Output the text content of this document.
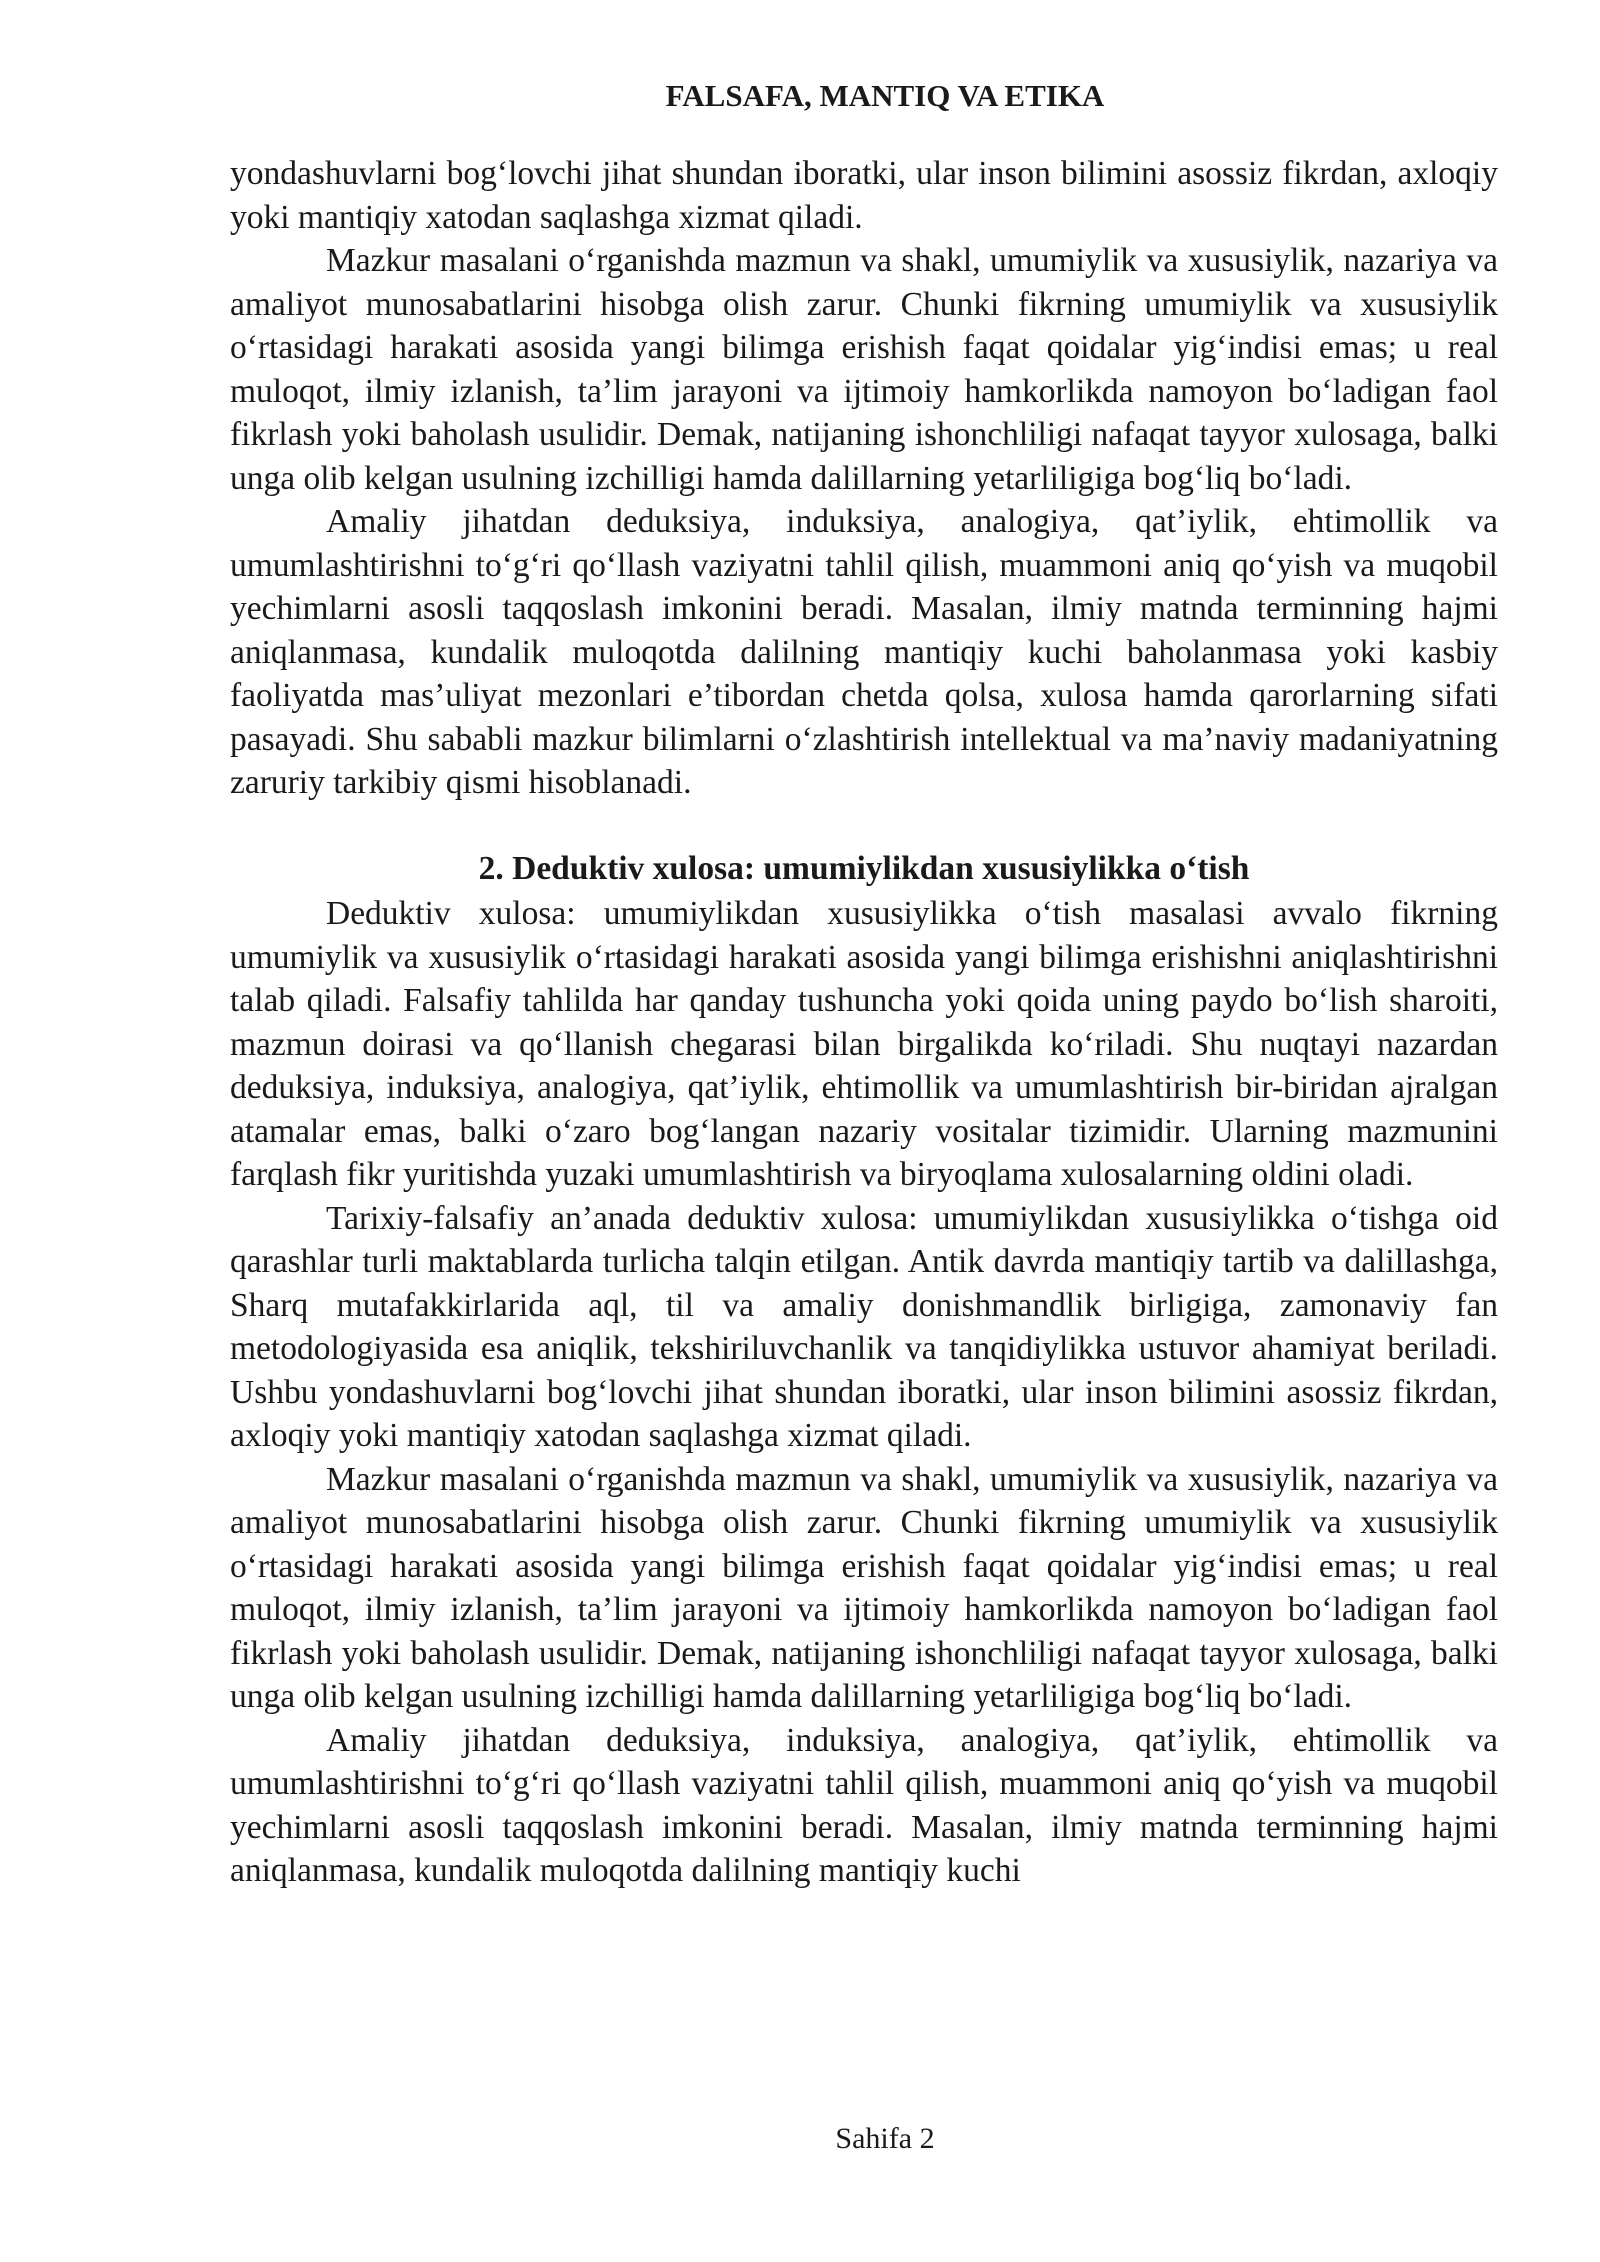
FALSAFA, MANTIQ VA ETIKA

yondashuvlarni bog‘lovchi jihat shundan iboratki, ular inson bilimini asossiz fikrdan, axloqiy yoki mantiqiy xatodan saqlashga xizmat qiladi.

Mazkur masalani o‘rganishda mazmun va shakl, umumiylik va xususiylik, nazariya va amaliyot munosabatlarini hisobga olish zarur. Chunki fikrning umumiylik va xususiylik o‘rtasidagi harakati asosida yangi bilimga erishish faqat qoidalar yig‘indisi emas; u real muloqot, ilmiy izlanish, ta’lim jarayoni va ijtimoiy hamkorlikda namoyon bo‘ladigan faol fikrlash yoki baholash usulidir. Demak, natijaning ishonchliligi nafaqat tayyor xulosaga, balki unga olib kelgan usulning izchilligi hamda dalillarning yetarliligiga bog‘liq bo‘ladi.

Amaliy jihatdan deduksiya, induksiya, analogiya, qat’iylik, ehtimollik va umumlashtirishni to‘g‘ri qo‘llash vaziyatni tahlil qilish, muammoni aniq qo‘yish va muqobil yechimlarni asosli taqqoslash imkonini beradi. Masalan, ilmiy matnda terminning hajmi aniqlanmasa, kundalik muloqotda dalilning mantiqiy kuchi baholanmasa yoki kasbiy faoliyatda mas’uliyat mezonlari e’tibordan chetda qolsa, xulosa hamda qarorlarning sifati pasayadi. Shu sababli mazkur bilimlarni o‘zlashtirish intellektual va ma’naviy madaniyatning zaruriy tarkibiy qismi hisoblanadi.

2. Deduktiv xulosa: umumiylikdan xususiylikka o‘tish

Deduktiv xulosa: umumiylikdan xususiylikka o‘tish masalasi avvalo fikrning umumiylik va xususiylik o‘rtasidagi harakati asosida yangi bilimga erishishni aniqlashtirishni talab qiladi. Falsafiy tahlilda har qanday tushuncha yoki qoida uning paydo bo‘lish sharoiti, mazmun doirasi va qo‘llanish chegarasi bilan birgalikda ko‘riladi. Shu nuqtayi nazardan deduksiya, induksiya, analogiya, qat’iylik, ehtimollik va umumlashtirish bir-biridan ajralgan atamalar emas, balki o‘zaro bog‘langan nazariy vositalar tizimidir. Ularning mazmunini farqlash fikr yuritishda yuzaki umumlashtirish va biryoqlama xulosalarning oldini oladi.

Tarixiy-falsafiy an’anada deduktiv xulosa: umumiylikdan xususiylikka o‘tishga oid qarashlar turli maktablarda turlicha talqin etilgan. Antik davrda mantiqiy tartib va dalillashga, Sharq mutafakkirlarida aql, til va amaliy donishmandlik birligiga, zamonaviy fan metodologiyasida esa aniqlik, tekshiriluvchanlik va tanqidiylikka ustuvor ahamiyat beriladi. Ushbu yondashuvlarni bog‘lovchi jihat shundan iboratki, ular inson bilimini asossiz fikrdan, axloqiy yoki mantiqiy xatodan saqlashga xizmat qiladi.

Mazkur masalani o‘rganishda mazmun va shakl, umumiylik va xususiylik, nazariya va amaliyot munosabatlarini hisobga olish zarur. Chunki fikrning umumiylik va xususiylik o‘rtasidagi harakati asosida yangi bilimga erishish faqat qoidalar yig‘indisi emas; u real muloqot, ilmiy izlanish, ta’lim jarayoni va ijtimoiy hamkorlikda namoyon bo‘ladigan faol fikrlash yoki baholash usulidir. Demak, natijaning ishonchliligi nafaqat tayyor xulosaga, balki unga olib kelgan usulning izchilligi hamda dalillarning yetarliligiga bog‘liq bo‘ladi.

Amaliy jihatdan deduksiya, induksiya, analogiya, qat’iylik, ehtimollik va umumlashtirishni to‘g‘ri qo‘llash vaziyatni tahlil qilish, muammoni aniq qo‘yish va muqobil yechimlarni asosli taqqoslash imkonini beradi. Masalan, ilmiy matnda terminning hajmi aniqlanmasa, kundalik muloqotda dalilning mantiqiy kuchi

Sahifa 2
